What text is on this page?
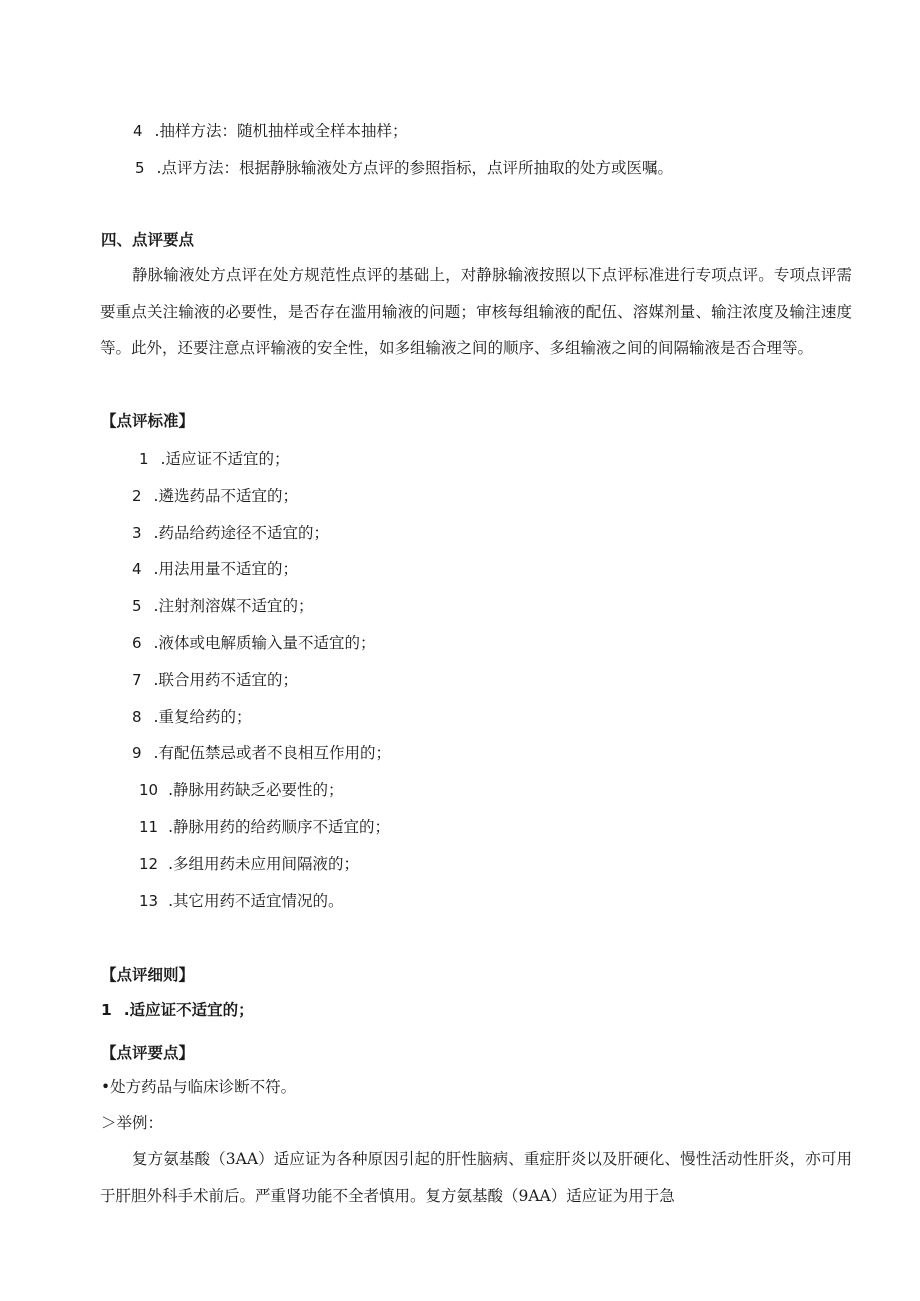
4 .抽样方法：随机抽样或全样本抽样；
5 .点评方法：根据静脉输液处方点评的参照指标，点评所抽取的处方或医嘱。
四、点评要点

静脉输液处方点评在处方规范性点评的基础上，对静脉输液按照以下点评标准进行专项点评。专项点评需要重点关注输液的必要性，是否存在滥用输液的问题；审核每组输液的配伍、溶媒剂量、输注浓度及输注速度等。此外，还要注意点评输液的安全性，如多组输液之间的顺序、多组输液之间的间隔输液是否合理等。

【点评标准】
1 .适应证不适宜的；
2 .遴选药品不适宜的；
3 .药品给药途径不适宜的；
4 .用法用量不适宜的；
5 .注射剂溶媒不适宜的；
6 .液体或电解质输入量不适宜的；
7 .联合用药不适宜的；
8 .重复给药的；
9 .有配伍禁忌或者不良相互作用的；
10 .静脉用药缺乏必要性的；
11 .静脉用药的给药顺序不适宜的；
12 .多组用药未应用间隔液的；
13 .其它用药不适宜情况的。
【点评细则】
1 .适应证不适宜的；
【点评要点】
•处方药品与临床诊断不符。
＞举例：

复方氨基酸（3AA）适应证为各种原因引起的肝性脑病、重症肝炎以及肝硬化、慢性活动性肝炎，亦可用于肝胆外科手术前后。严重肾功能不全者慎用。复方氨基酸（9AA）适应证为用于急
